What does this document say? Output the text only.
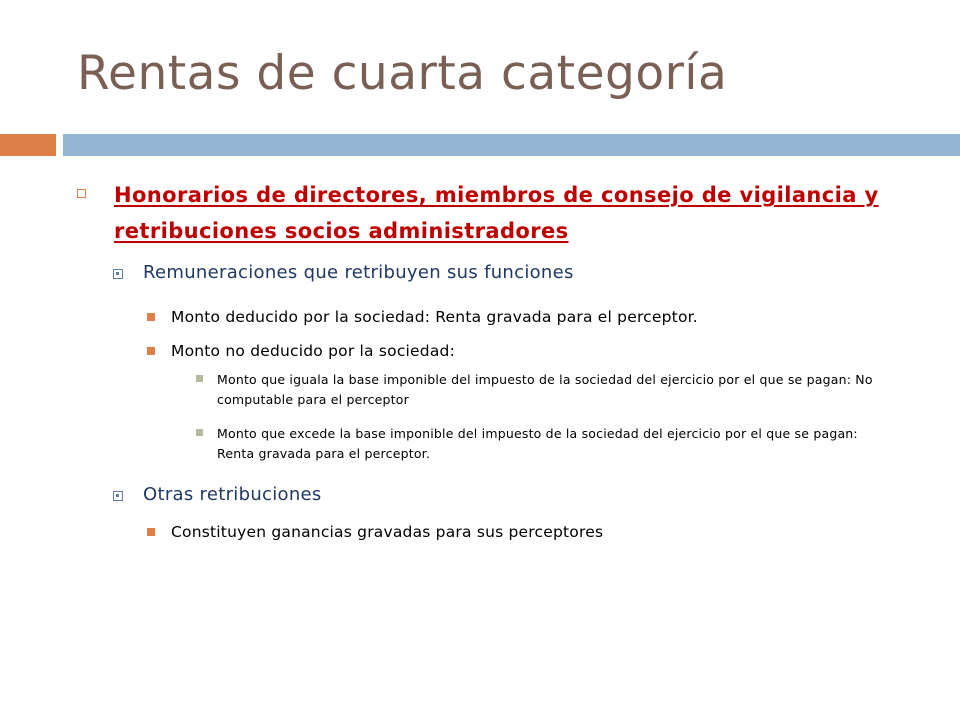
Rentas de cuarta categoría
Honorarios de directores, miembros de consejo de vigilancia y retribuciones socios administradores
Remuneraciones que retribuyen sus funciones
Monto deducido por la sociedad: Renta gravada para el perceptor.
Monto no deducido por la sociedad:
Monto que iguala la base imponible del impuesto de la sociedad del ejercicio por el que se pagan: No computable para el perceptor
Monto que excede la base imponible del impuesto de la sociedad del ejercicio por el que se pagan: Renta gravada para el perceptor.
Otras retribuciones
Constituyen ganancias gravadas para sus perceptores
